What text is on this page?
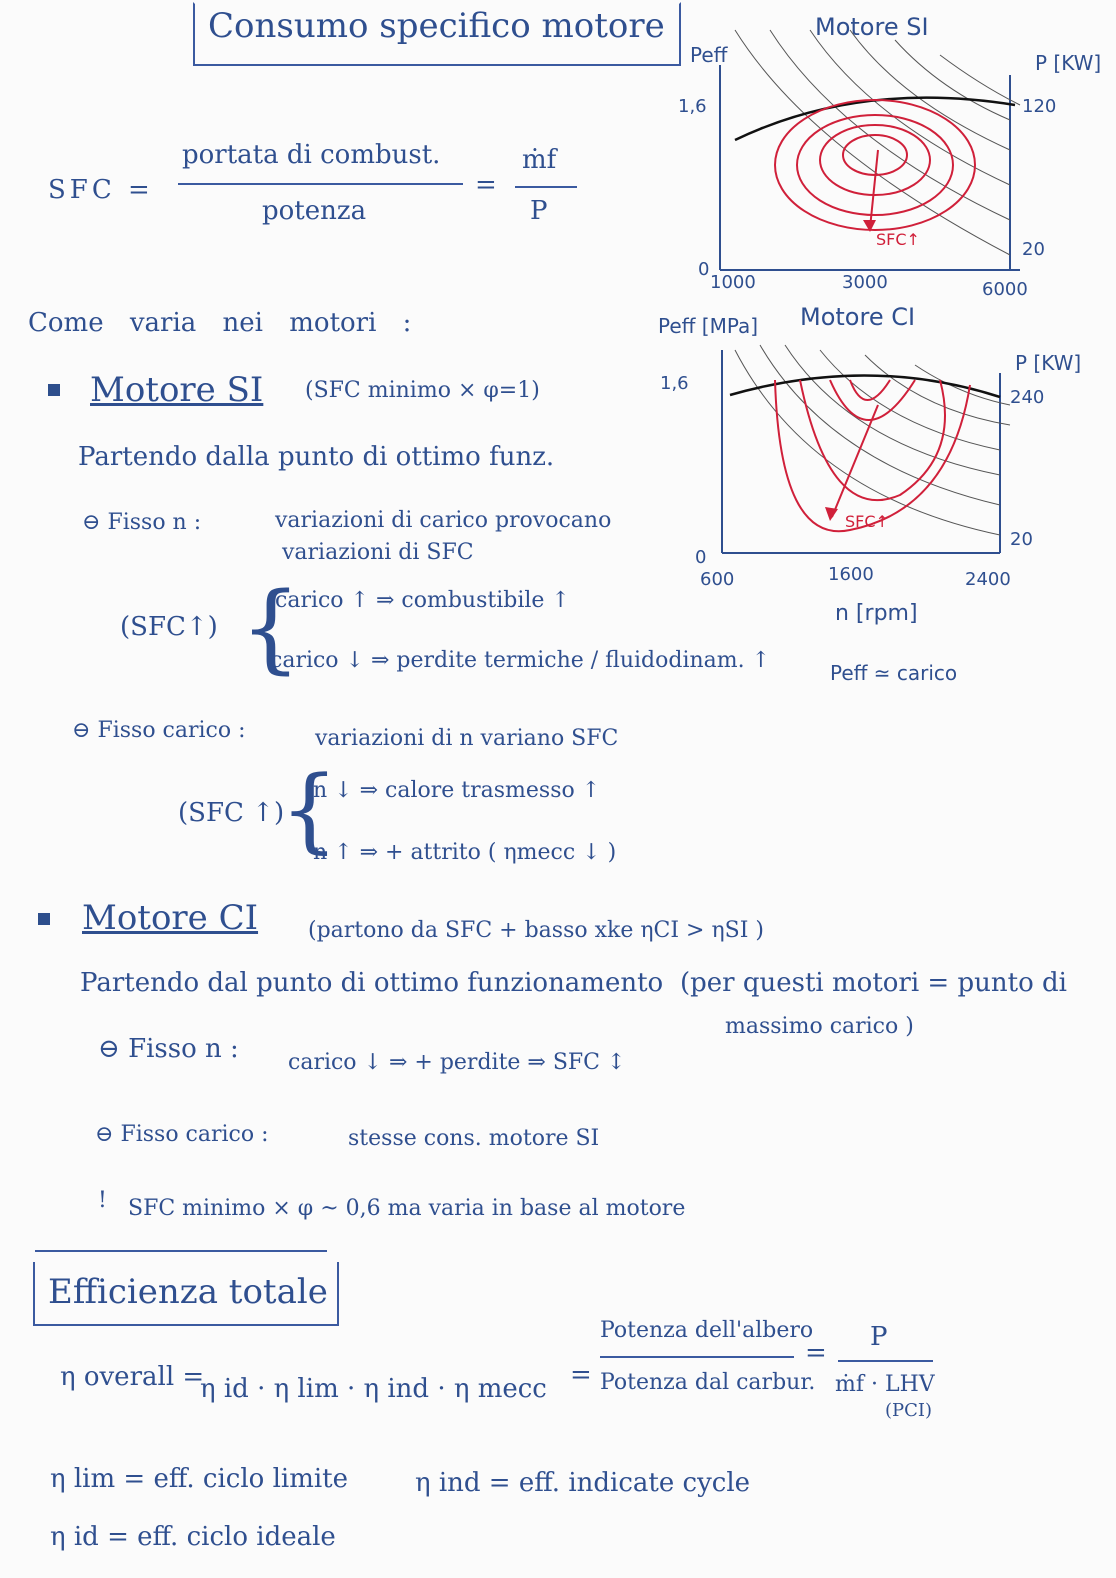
Consumo specifico motore
SFC =
portata di combust.
potenza
=
ṁf
P
Come varia nei motori :
Motore SI (SFC minimo × φ=1)
Partendo dalla punto di ottimo funz.
⊖ Fisso n :	variazioni di carico provocano
variazioni di SFC
(SFC↑) {
carico ↑ ⇒ combustibile ↑
carico ↓ ⇒ perdite termiche / fluidodinam. ↑
⊖ Fisso carico :	variazioni di n variano SFC
(SFC ↑)
{
n ↓ ⇒ calore trasmesso ↑
n ↑ ⇒ + attrito ( ηmecc ↓ )
Motore CI (partono da SFC + basso xke ηCI > ηSI )
Partendo dal punto di ottimo funzionamento (per questi motori = punto di
massimo carico )
⊖ Fisso n : carico ↓ ⇒ + perdite ⇒ SFC ↕
⊖ Fisso carico :	stesse cons. motore SI
! SFC minimo × φ ~ 0,6 ma varia in base al motore
Efficienza totale
η overall =
η id · η lim · η ind · η mecc =
Potenza dell'albero
Potenza dal carbur.
=
P
ṁf · LHV
(PCI)
η lim = eff. ciclo limite	η ind = eff. indicate cycle
η id = eff. ciclo ideale
Motore SI
Peff	P [KW]
1,6
0
120
20
1000	3000	6000
SFC↑
Motore CI
Peff [MPa]
P [KW]
1,6
0
240
20
600	1600	2400
n [rpm]
Peff ≃ carico
SFC↑
